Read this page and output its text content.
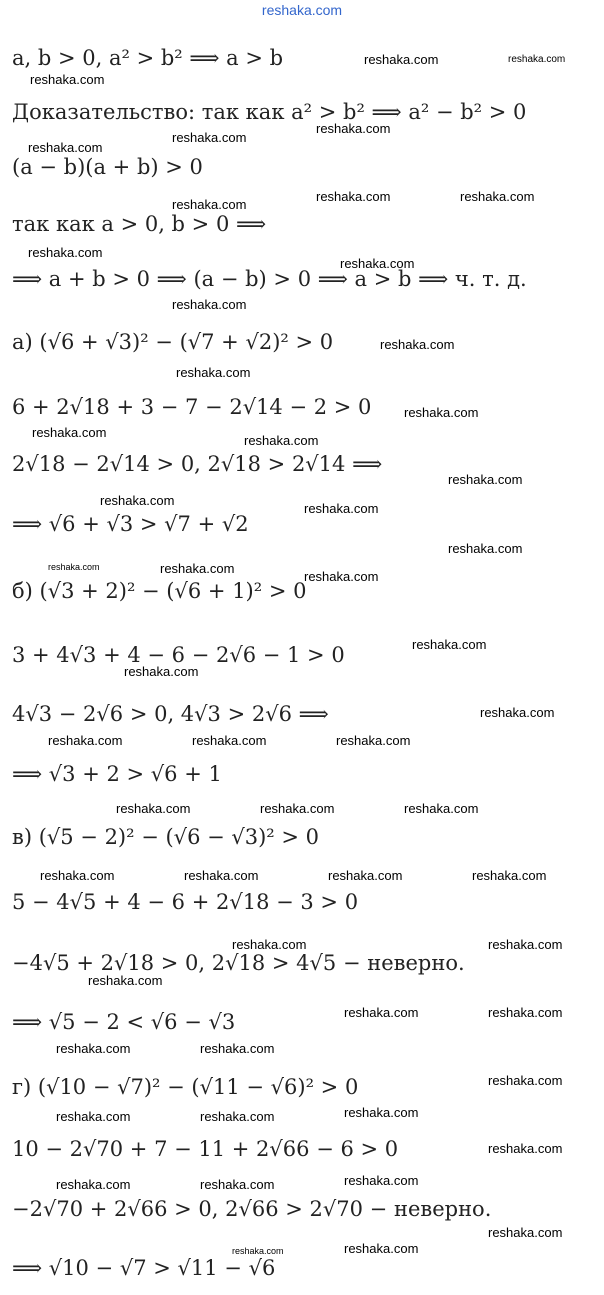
reshaka.com
a, b > 0, a² > b² ⟹ a > b
Доказательство: так как a² > b² ⟹ a² − b² > 0
(a − b)(a + b) > 0
так как a > 0, b > 0 ⟹
⟹ a + b > 0 ⟹ (a − b) > 0 ⟹ a > b ⟹ ч. т. д.
а) (√6 + √3)² − (√7 + √2)² > 0
6 + 2√18 + 3 − 7 − 2√14 − 2 > 0
2√18 − 2√14 > 0, 2√18 > 2√14 ⟹
⟹ √6 + √3 > √7 + √2
б) (√3 + 2)² − (√6 + 1)² > 0
3 + 4√3 + 4 − 6 − 2√6 − 1 > 0
4√3 − 2√6 > 0, 4√3 > 2√6 ⟹
⟹ √3 + 2 > √6 + 1
в) (√5 − 2)² − (√6 − √3)² > 0
5 − 4√5 + 4 − 6 + 2√18 − 3 > 0
−4√5 + 2√18 > 0, 2√18 > 4√5 − неверно.
⟹ √5 − 2 < √6 − √3
г) (√10 − √7)² − (√11 − √6)² > 0
10 − 2√70 + 7 − 11 + 2√66 − 6 > 0
−2√70 + 2√66 > 0, 2√66 > 2√70 − неверно.
⟹ √10 − √7 > √11 − √6
reshaka.com	reshaka.com
reshaka.com
reshaka.com
reshaka.com
reshaka.com
reshaka.com	reshaka.com
reshaka.com
reshaka.com
reshaka.com
reshaka.com
reshaka.com
reshaka.com
reshaka.com
reshaka.com
reshaka.com
reshaka.com
reshaka.com
reshaka.com
reshaka.com
reshaka.com	reshaka.com
reshaka.com
reshaka.com
reshaka.com
reshaka.com
reshaka.com	reshaka.com	reshaka.com
reshaka.com	reshaka.com	reshaka.com
reshaka.com	reshaka.com	reshaka.com	reshaka.com
reshaka.com	reshaka.com
reshaka.com
reshaka.com	reshaka.com
reshaka.com	reshaka.com
reshaka.com
reshaka.com
reshaka.com	reshaka.com
reshaka.com
reshaka.com
reshaka.com	reshaka.com
reshaka.com
reshaka.com	reshaka.com
